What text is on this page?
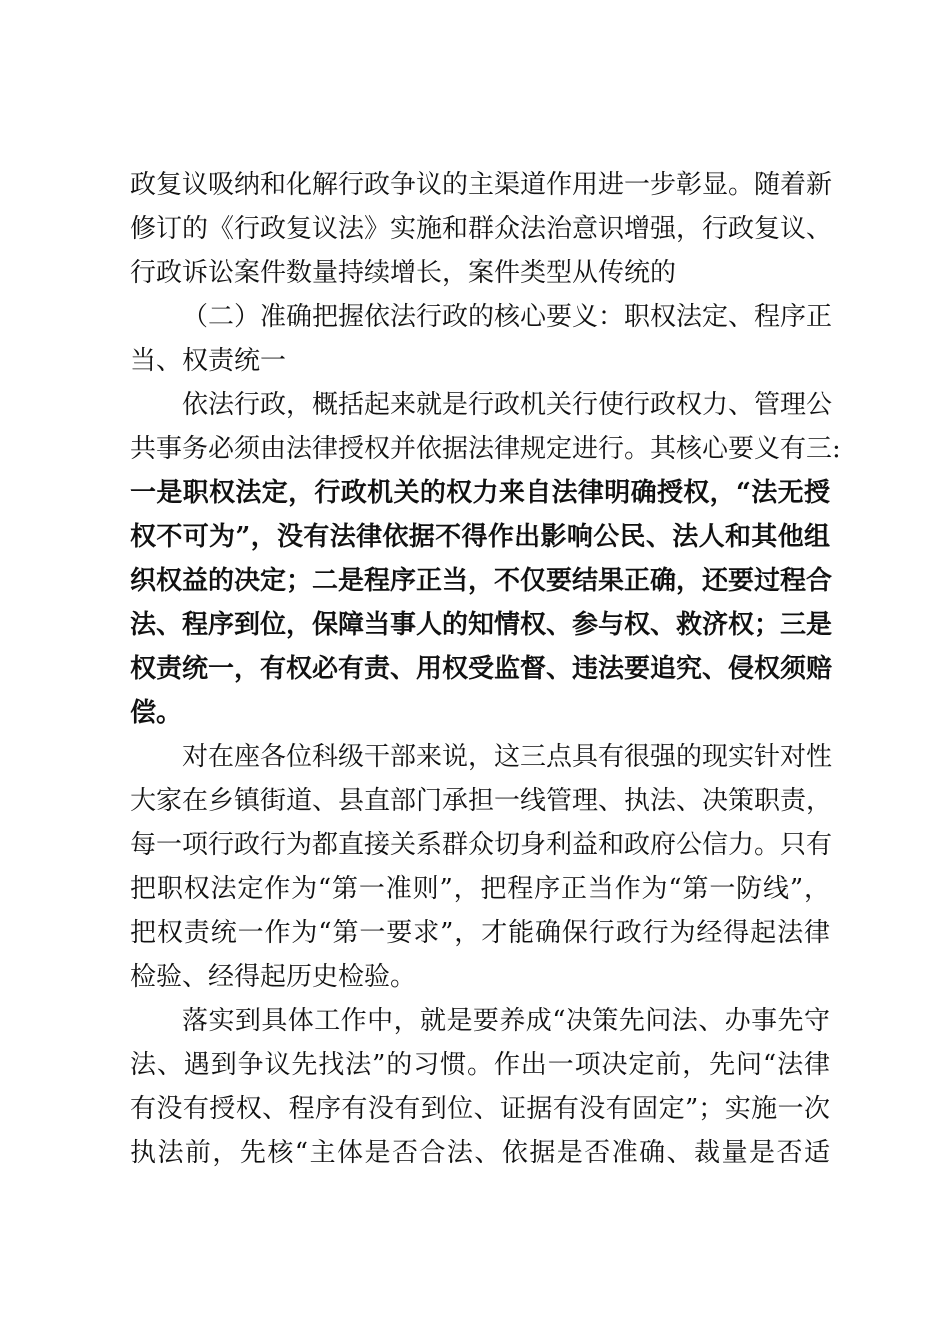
政复议吸纳和化解行政争议的主渠道作用进一步彰显。随着新
修订的《行政复议法》实施和群众法治意识增强，行政复议、
行政诉讼案件数量持续增长，案件类型从传统的
（二）准确把握依法行政的核心要义：职权法定、程序正
当、权责统一
依法行政，概括起来就是行政机关行使行政权力、管理公
共事务必须由法律授权并依据法律规定进行。其核心要义有三:
一是职权法定，行政机关的权力来自法律明确授权，“法无授
权不可为”，没有法律依据不得作出影响公民、法人和其他组
织权益的决定；二是程序正当，不仅要结果正确，还要过程合
法、程序到位，保障当事人的知情权、参与权、救济权；三是
权责统一，有权必有责、用权受监督、违法要追究、侵权须赔
偿。
对在座各位科级干部来说，这三点具有很强的现实针对性
大家在乡镇街道、县直部门承担一线管理、执法、决策职责，
每一项行政行为都直接关系群众切身利益和政府公信力。只有
把职权法定作为“第一准则”，把程序正当作为“第一防线”，
把权责统一作为“第一要求”，才能确保行政行为经得起法律
检验、经得起历史检验。
落实到具体工作中，就是要养成“决策先问法、办事先守
法、遇到争议先找法”的习惯。作出一项决定前，先问“法律
有没有授权、程序有没有到位、证据有没有固定”；实施一次
执法前，先核“主体是否合法、依据是否准确、裁量是否适
